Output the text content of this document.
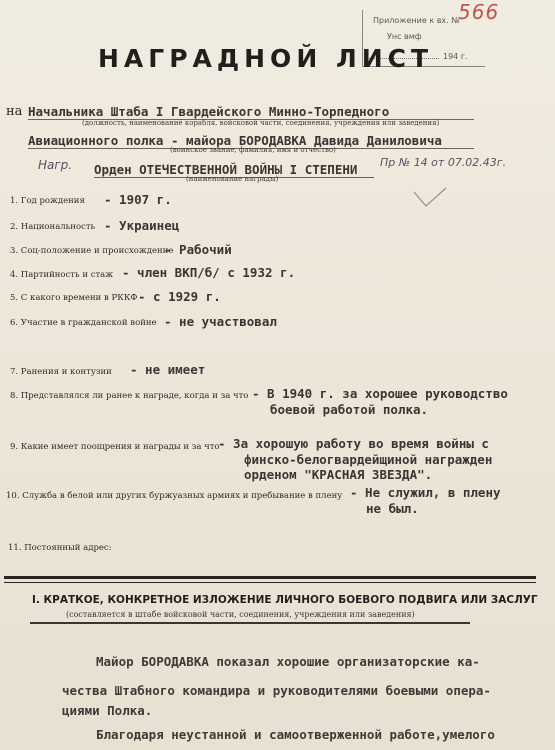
Приложение к вх. №
Унс вмф
194 г.
566
НАГРАДНОЙ ЛИСТ
на Начальника Штаба I Гвардейского Минно-Торпедного
(должность, наименование корабля, войсковой части, соединения, учреждения или заведения)
Авиационного полка - майора БОРОДАВКА Давида Даниловича
(воинское звание, фамилия, имя и отчество)
Нагр. Орден ОТЕЧЕСТВЕННОЙ ВОЙНЫ I СТЕПЕНИ	Пр № 14 от 07.02.43г.
(наименование награды)
1. Год рождения - 1907 г.
2. Национальность - Украинец
3. Соц-положение и происхождение
- Рабочий
4. Партийность и стаж - член ВКП/б/ с 1932 г.
5. С какого времени в РККФ - с 1929 г.
6. Участие в гражданской войне - не участвовал
7. Ранения и контузии - не имеет
8. Представлялся ли ранее к награде, когда и за что - В 1940 г. за хорошее руководство
боевой работой полка.
9. Какие имеет поощрения и награды и за что
- За хорошую работу во время войны с
финско-белогвардейщиной награжден
орденом "КРАСНАЯ ЗВЕЗДА".
10. Служба в белой или других буржуазных армиях и пребывание в плену - Не служил, в плену
не был.
11. Постоянный адрес:
I. КРАТКОЕ, КОНКРЕТНОЕ ИЗЛОЖЕНИЕ ЛИЧНОГО БОЕВОГО ПОДВИГА ИЛИ ЗАСЛУГ
(составляется в штабе войсковой части, соединения, учреждения или заведения)
Майор БОРОДАВКА показал хорошие организаторские ка-
чества Штабного командира и руководителями боевыми опера-
циями Полка.
Благодаря неустанной и самоотверженной работе,умелого
